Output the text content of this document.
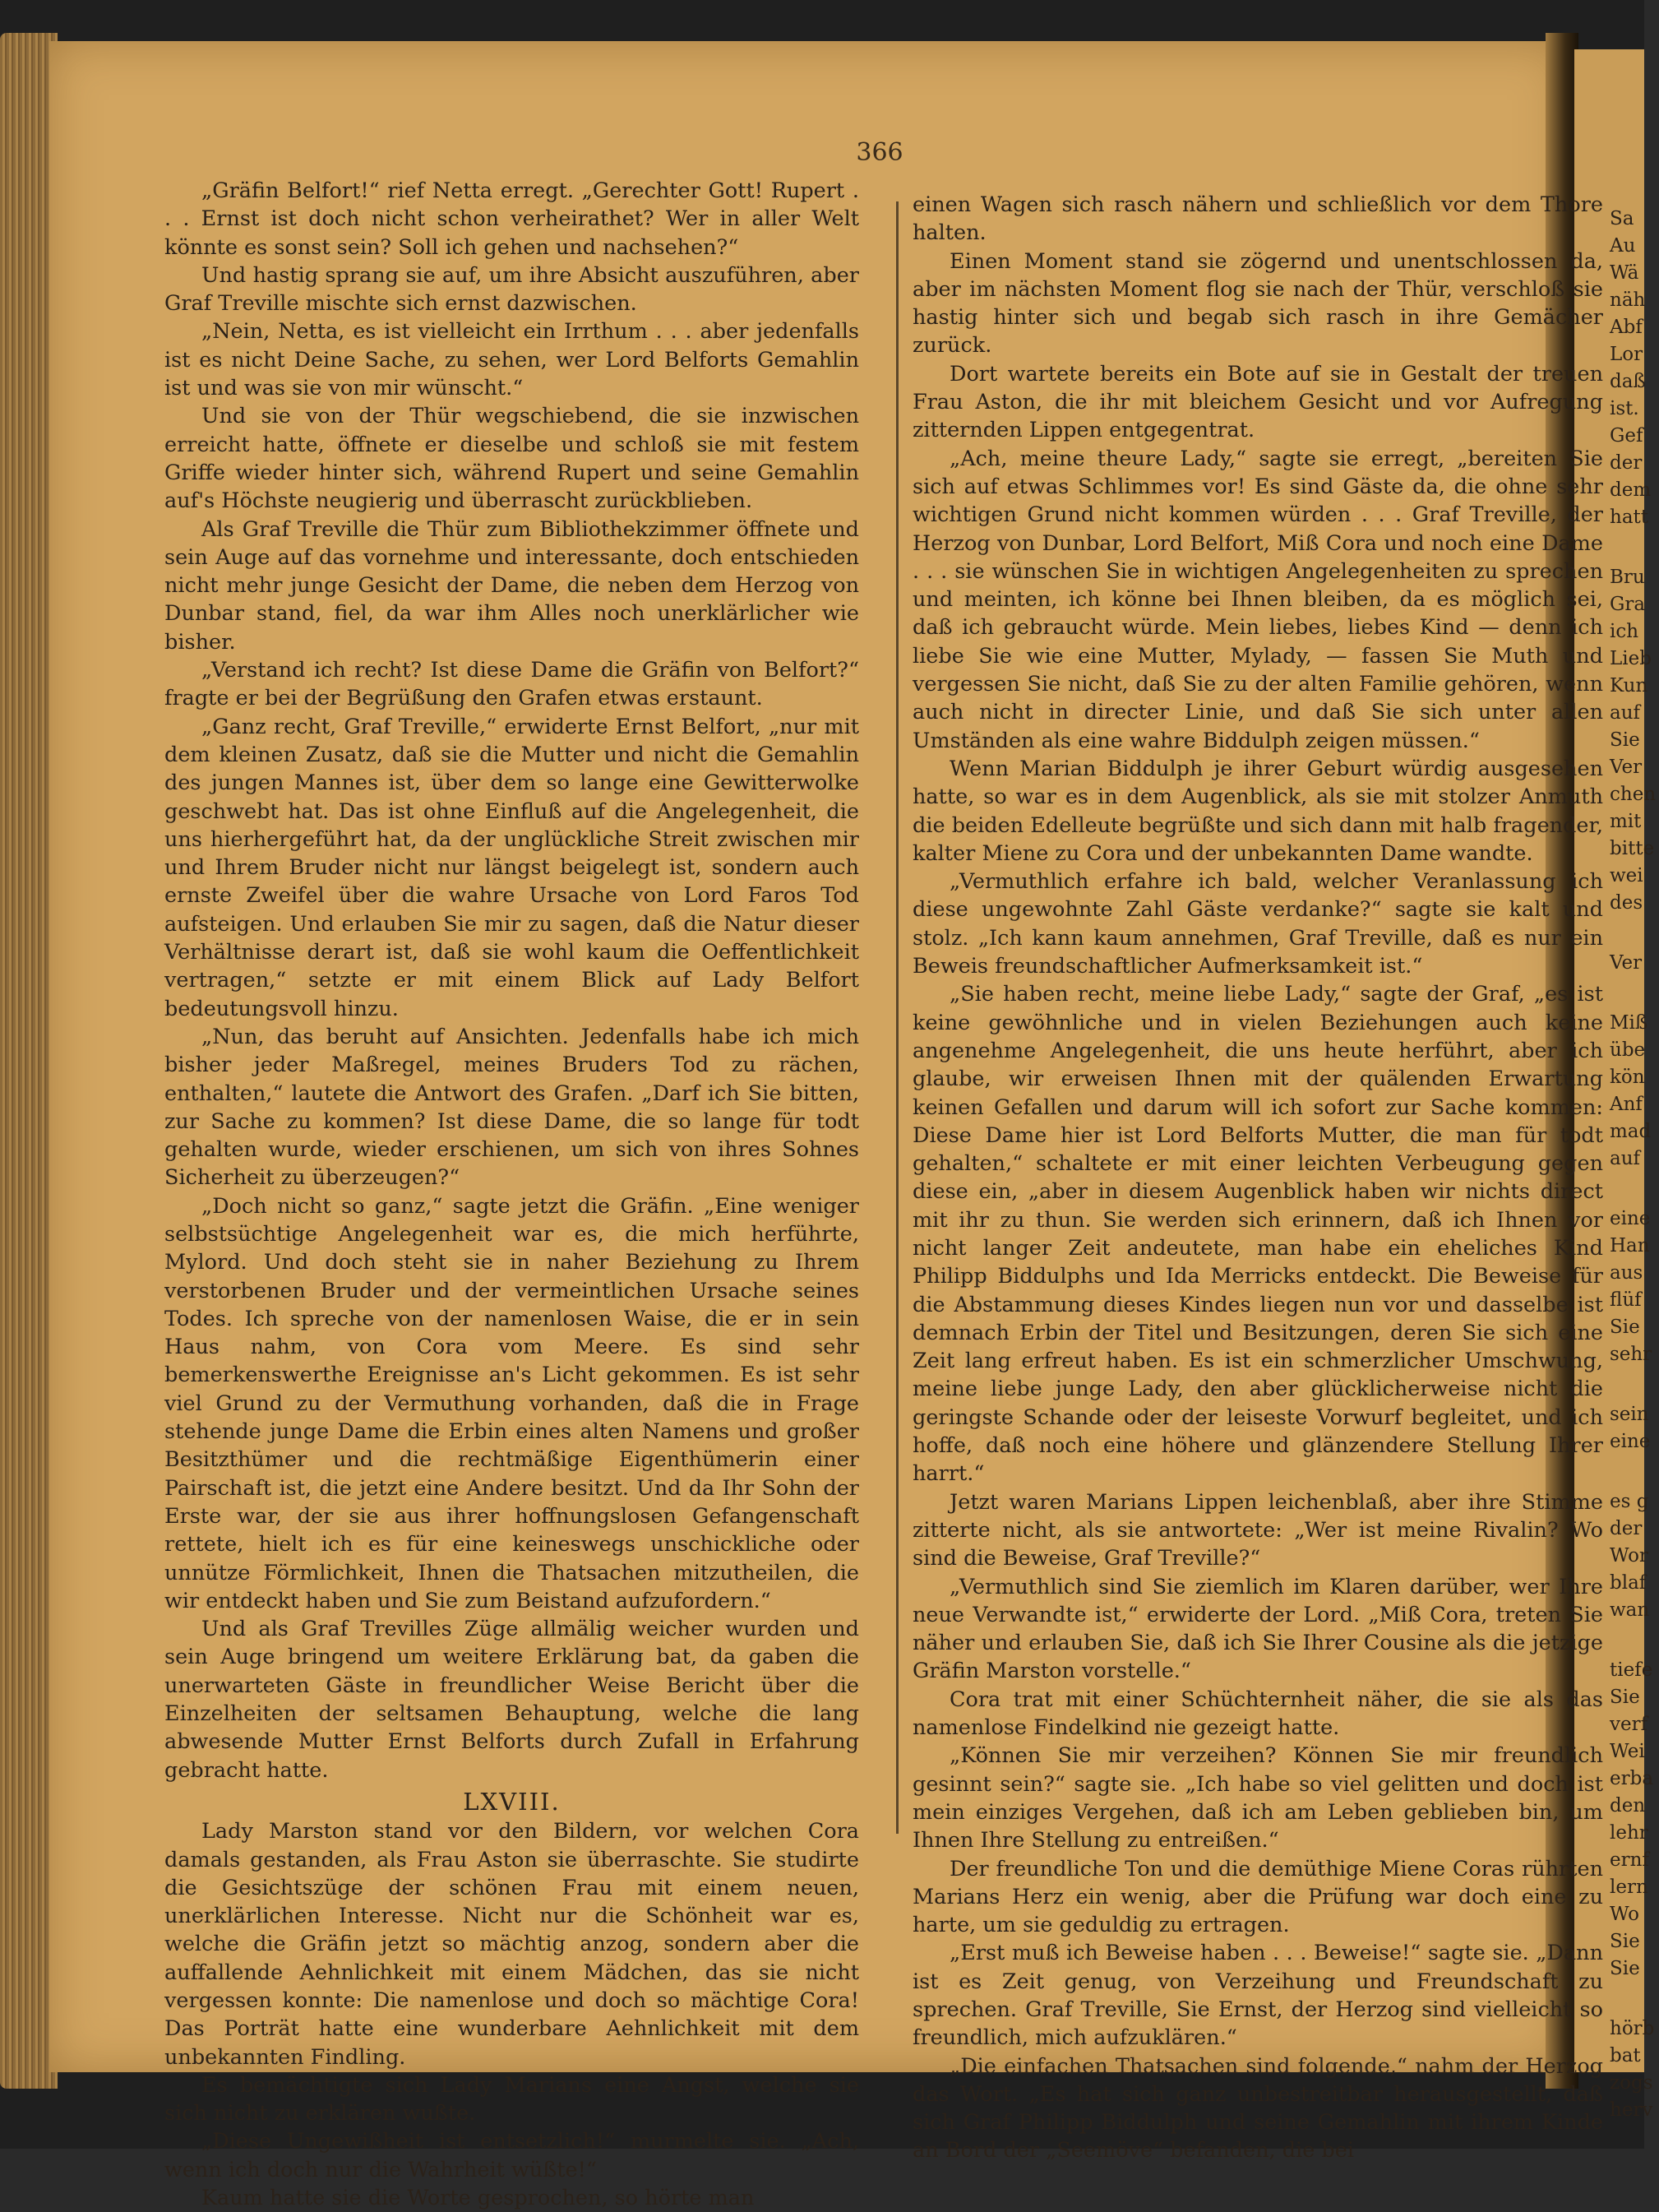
366

„Gräfin Belfort!“ rief Netta erregt. „Gerechter Gott! Rupert . . . Ernst ist doch nicht schon verheirathet? Wer in aller Welt könnte es sonst sein? Soll ich gehen und nachsehen?“

Und hastig sprang sie auf, um ihre Absicht auszuführen, aber Graf Treville mischte sich ernst dazwischen.

„Nein, Netta, es ist vielleicht ein Irrthum . . . aber jedenfalls ist es nicht Deine Sache, zu sehen, wer Lord Belforts Gemahlin ist und was sie von mir wünscht.“

Und sie von der Thür wegschiebend, die sie inzwischen erreicht hatte, öffnete er dieselbe und schloß sie mit festem Griffe wieder hinter sich, während Rupert und seine Gemahlin auf's Höchste neugierig und überrascht zurückblieben.

Als Graf Treville die Thür zum Bibliothekzimmer öffnete und sein Auge auf das vornehme und interessante, doch entschieden nicht mehr junge Gesicht der Dame, die neben dem Herzog von Dunbar stand, fiel, da war ihm Alles noch unerklärlicher wie bisher.

„Verstand ich recht? Ist diese Dame die Gräfin von Belfort?“ fragte er bei der Begrüßung den Grafen etwas erstaunt.

„Ganz recht, Graf Treville,“ erwiderte Ernst Belfort, „nur mit dem kleinen Zusatz, daß sie die Mutter und nicht die Gemahlin des jungen Mannes ist, über dem so lange eine Gewitterwolke geschwebt hat. Das ist ohne Einfluß auf die Angelegenheit, die uns hierhergeführt hat, da der unglückliche Streit zwischen mir und Ihrem Bruder nicht nur längst beigelegt ist, sondern auch ernste Zweifel über die wahre Ursache von Lord Faros Tod aufsteigen. Und erlauben Sie mir zu sagen, daß die Natur dieser Verhältnisse derart ist, daß sie wohl kaum die Oeffentlichkeit vertragen,“ setzte er mit einem Blick auf Lady Belfort bedeutungsvoll hinzu.

„Nun, das beruht auf Ansichten. Jedenfalls habe ich mich bisher jeder Maßregel, meines Bruders Tod zu rächen, enthalten,“ lautete die Antwort des Grafen. „Darf ich Sie bitten, zur Sache zu kommen? Ist diese Dame, die so lange für todt gehalten wurde, wieder erschienen, um sich von ihres Sohnes Sicherheit zu überzeugen?“

„Doch nicht so ganz,“ sagte jetzt die Gräfin. „Eine weniger selbstsüchtige Angelegenheit war es, die mich herführte, Mylord. Und doch steht sie in naher Beziehung zu Ihrem verstorbenen Bruder und der vermeintlichen Ursache seines Todes. Ich spreche von der namenlosen Waise, die er in sein Haus nahm, von Cora vom Meere. Es sind sehr bemerkenswerthe Ereignisse an's Licht gekommen. Es ist sehr viel Grund zu der Vermuthung vorhanden, daß die in Frage stehende junge Dame die Erbin eines alten Namens und großer Besitzthümer und die rechtmäßige Eigenthümerin einer Pairschaft ist, die jetzt eine Andere besitzt. Und da Ihr Sohn der Erste war, der sie aus ihrer hoffnungslosen Gefangenschaft rettete, hielt ich es für eine keineswegs unschickliche oder unnütze Förmlichkeit, Ihnen die Thatsachen mitzutheilen, die wir entdeckt haben und Sie zum Beistand aufzufordern.“

Und als Graf Trevilles Züge allmälig weicher wurden und sein Auge bringend um weitere Erklärung bat, da gaben die unerwarteten Gäste in freundlicher Weise Bericht über die Einzelheiten der seltsamen Behauptung, welche die lang abwesende Mutter Ernst Belforts durch Zufall in Erfahrung gebracht hatte.

LXVIII.

Lady Marston stand vor den Bildern, vor welchen Cora damals gestanden, als Frau Aston sie überraschte. Sie studirte die Gesichtszüge der schönen Frau mit einem neuen, unerklärlichen Interesse. Nicht nur die Schönheit war es, welche die Gräfin jetzt so mächtig anzog, sondern aber die auffallende Aehnlichkeit mit einem Mädchen, das sie nicht vergessen konnte: Die namenlose und doch so mächtige Cora! Das Porträt hatte eine wunderbare Aehnlichkeit mit dem unbekannten Findling.

Es bemächtigte sich Lady Marians eine Angst, welche sie sich nicht zu erklären wußte.

„Diese Ungewißheit ist entsetzlich!“ murmelte sie. „Ach, wenn ich doch nur die Wahrheit wüßte!“

Kaum hatte sie die Worte gesprochen, so hörte man

einen Wagen sich rasch nähern und schließlich vor dem Thore halten.

Einen Moment stand sie zögernd und unentschlossen da, aber im nächsten Moment flog sie nach der Thür, verschloß sie hastig hinter sich und begab sich rasch in ihre Gemächer zurück.

Dort wartete bereits ein Bote auf sie in Gestalt der treuen Frau Aston, die ihr mit bleichem Gesicht und vor Aufregung zitternden Lippen entgegentrat.

„Ach, meine theure Lady,“ sagte sie erregt, „bereiten Sie sich auf etwas Schlimmes vor! Es sind Gäste da, die ohne sehr wichtigen Grund nicht kommen würden . . . Graf Treville, der Herzog von Dunbar, Lord Belfort, Miß Cora und noch eine Dame . . . sie wünschen Sie in wichtigen Angelegenheiten zu sprechen und meinten, ich könne bei Ihnen bleiben, da es möglich sei, daß ich gebraucht würde. Mein liebes, liebes Kind — denn ich liebe Sie wie eine Mutter, Mylady, — fassen Sie Muth und vergessen Sie nicht, daß Sie zu der alten Familie gehören, wenn auch nicht in directer Linie, und daß Sie sich unter allen Umständen als eine wahre Biddulph zeigen müssen.“

Wenn Marian Biddulph je ihrer Geburt würdig ausgesehen hatte, so war es in dem Augenblick, als sie mit stolzer Anmuth die beiden Edelleute begrüßte und sich dann mit halb fragender, kalter Miene zu Cora und der unbekannten Dame wandte.

„Vermuthlich erfahre ich bald, welcher Veranlassung ich diese ungewohnte Zahl Gäste verdanke?“ sagte sie kalt und stolz. „Ich kann kaum annehmen, Graf Treville, daß es nur ein Beweis freundschaftlicher Aufmerksamkeit ist.“

„Sie haben recht, meine liebe Lady,“ sagte der Graf, „es ist keine gewöhnliche und in vielen Beziehungen auch keine angenehme Angelegenheit, die uns heute herführt, aber ich glaube, wir erweisen Ihnen mit der quälenden Erwartung keinen Gefallen und darum will ich sofort zur Sache kommen: Diese Dame hier ist Lord Belforts Mutter, die man für todt gehalten,“ schaltete er mit einer leichten Verbeugung gegen diese ein, „aber in diesem Augenblick haben wir nichts direct mit ihr zu thun. Sie werden sich erinnern, daß ich Ihnen vor nicht langer Zeit andeutete, man habe ein eheliches Kind Philipp Biddulphs und Ida Merricks entdeckt. Die Beweise für die Abstammung dieses Kindes liegen nun vor und dasselbe ist demnach Erbin der Titel und Besitzungen, deren Sie sich eine Zeit lang erfreut haben. Es ist ein schmerzlicher Umschwung, meine liebe junge Lady, den aber glücklicherweise nicht die geringste Schande oder der leiseste Vorwurf begleitet, und ich hoffe, daß noch eine höhere und glänzendere Stellung Ihrer harrt.“

Jetzt waren Marians Lippen leichenblaß, aber ihre Stimme zitterte nicht, als sie antwortete: „Wer ist meine Rivalin? Wo sind die Beweise, Graf Treville?“

„Vermuthlich sind Sie ziemlich im Klaren darüber, wer Ihre neue Verwandte ist,“ erwiderte der Lord. „Miß Cora, treten Sie näher und erlauben Sie, daß ich Sie Ihrer Cousine als die jetzige Gräfin Marston vorstelle.“

Cora trat mit einer Schüchternheit näher, die sie als das namenlose Findelkind nie gezeigt hatte.

„Können Sie mir verzeihen? Können Sie mir freundlich gesinnt sein?“ sagte sie. „Ich habe so viel gelitten und doch ist mein einziges Vergehen, daß ich am Leben geblieben bin, um Ihnen Ihre Stellung zu entreißen.“

Der freundliche Ton und die demüthige Miene Coras rührten Marians Herz ein wenig, aber die Prüfung war doch eine zu harte, um sie geduldig zu ertragen.

„Erst muß ich Beweise haben . . . Beweise!“ sagte sie. „Dann ist es Zeit genug, von Verzeihung und Freundschaft zu sprechen. Graf Treville, Sie Ernst, der Herzog sind vielleicht so freundlich, mich aufzuklären.“

„Die einfachen Thatsachen sind folgende,“ nahm der Herzog das Wort. „Es hat sich ganz unbestreitbar herausgestellt, daß sich Graf Philipp Biddulph und seine Gemahlin mit ihrem Kinde an Bord der „Seemöve“ befanden, die bei

Sa
Au
Wä
näh
Abf
Lor
daß
ist.
Gef
der
dem
hatt
Bru
Gra
ich
Lieb
Kun
auf
Sie
Ver
chen
mit
bitte
wei
des
Ver
Miß
übe
kön
Anf
mad
auf
eine
Han
aus
flüf
Sie
sehr
sein
eine
es g
der
Wor
blaf
wan
tiefe
Sie
verf
Wei
erba
den
lehr
ernf
lern
Wo
Sie
Sie
hörb
bat
zogs
herv
